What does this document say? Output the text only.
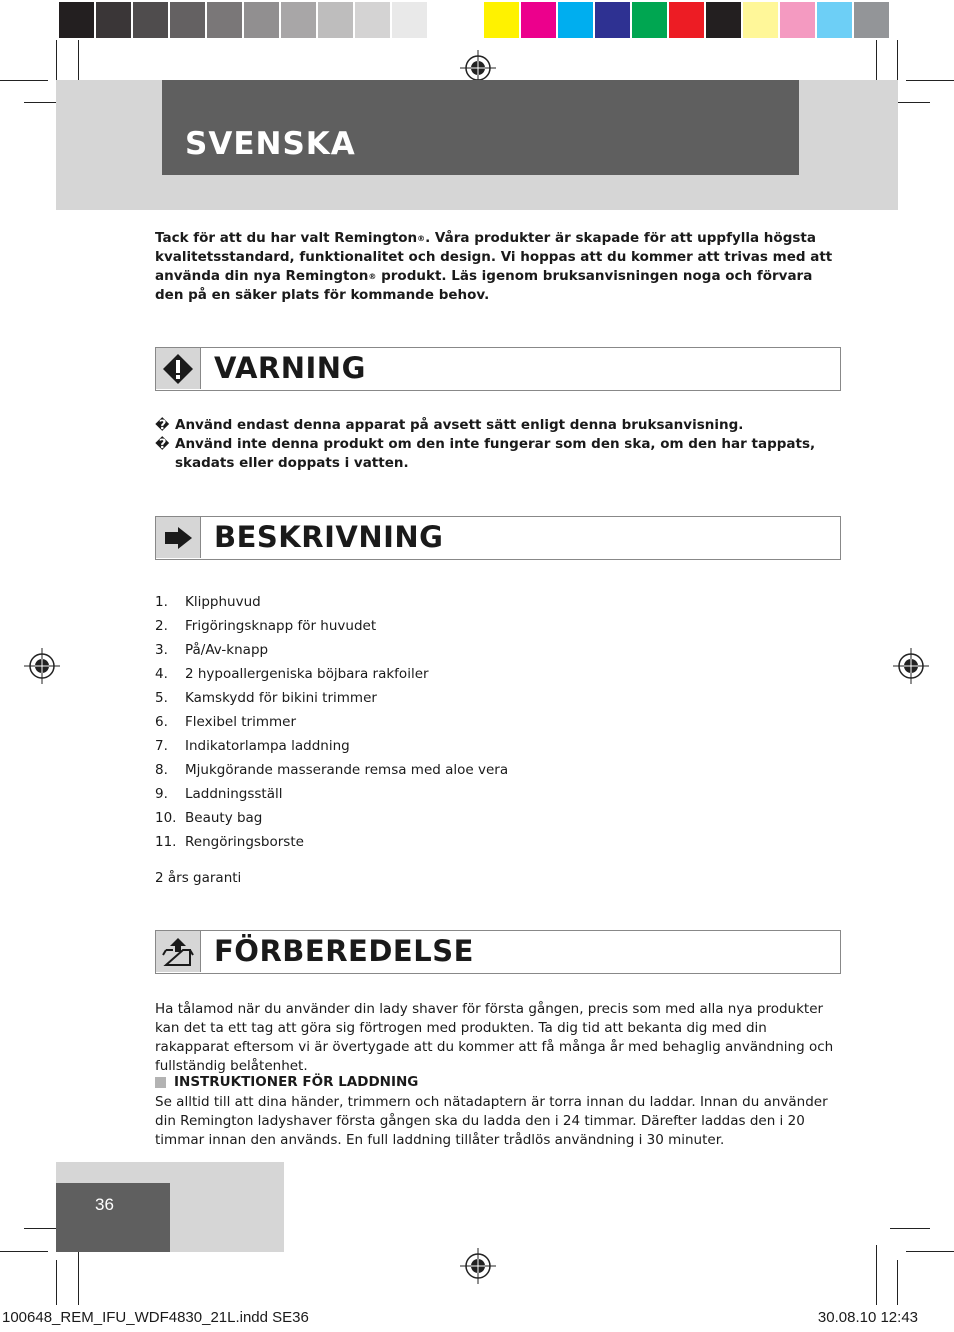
SVENSKA
Tack för att du har valt Remington®. Våra produkter är skapade för att uppfylla högsta kvalitetsstandard, funktionalitet och design. Vi hoppas att du kommer att trivas med att använda din nya Remington® produkt. Läs igenom bruksanvisningen noga och förvara den på en säker plats för kommande behov.
VARNING
� Använd endast denna apparat på avsett sätt enligt denna bruksanvisning.
� Använd inte denna produkt om den inte fungerar som den ska, om den har tappats, skadats eller doppats i vatten.
BESKRIVNING
1.	Klipphuvud
2.	Frigöringsknapp för huvudet
3.	På/Av-knapp
4.	2 hypoallergeniska böjbara rakfoiler
5.	Kamskydd för bikini trimmer
6.	Flexibel trimmer
7.	Indikatorlampa laddning
8.	Mjukgörande masserande remsa med aloe vera
9.	Laddningsställ
10. Beauty bag
11. Rengöringsborste
2 års garanti
FÖRBEREDELSE
Ha tålamod när du använder din lady shaver för första gången, precis som med alla nya produkter kan det ta ett tag att göra sig förtrogen med produkten. Ta dig tid att bekanta dig med din rakapparat eftersom vi är övertygade att du kommer att få många år med behaglig användning och fullständig belåtenhet.
INSTRUKTIONER FÖR LADDNING
Se alltid till att dina händer, trimmern och nätadaptern är torra innan du laddar. Innan du använder din Remington ladyshaver första gången ska du ladda den i 24 timmar. Därefter laddas den i 20 timmar innan den används. En full laddning tillåter trådlös användning i 30 minuter.
36
100648_REM_IFU_WDF4830_21L.indd SE36	30.08.10 12:43
